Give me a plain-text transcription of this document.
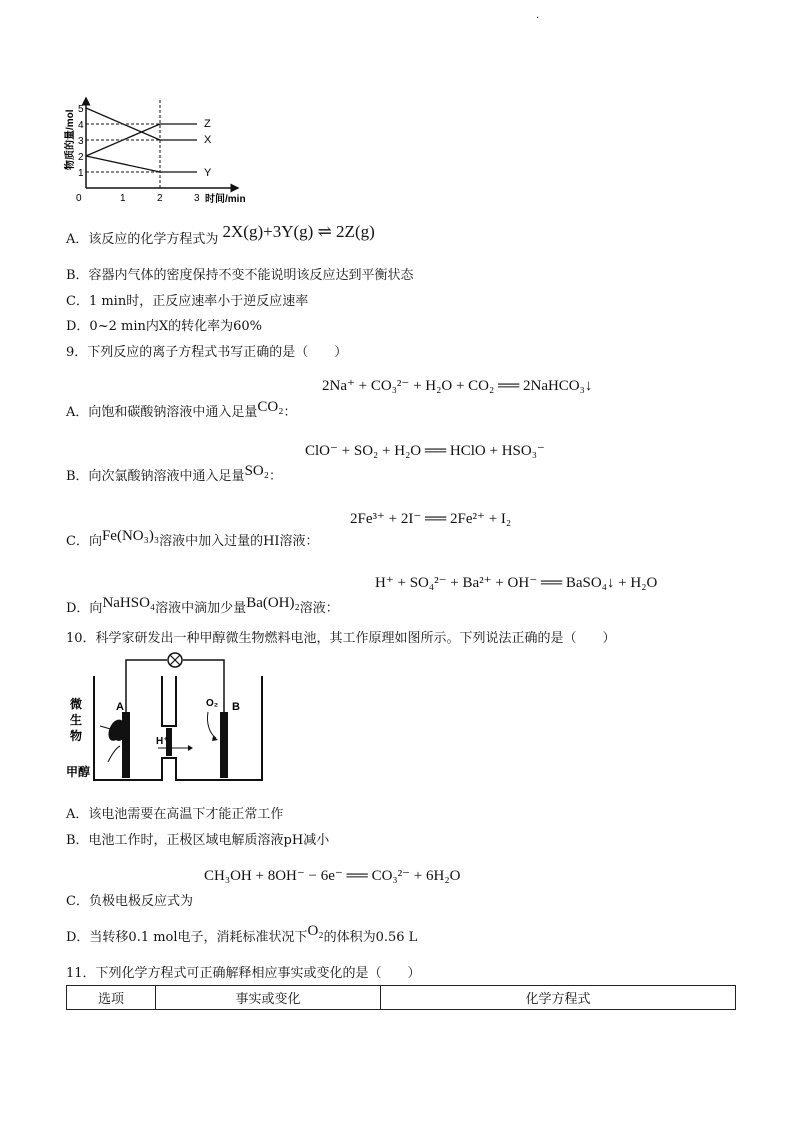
.
物质的量/mol
时间/min
1
2
3
4
5
0	1	2	3
Z
X
Y
A．该反应的化学方程式为 2X(g)+3Y(g) ⇌ 2Z(g)
B．容器内气体的密度保持不变不能说明该反应达到平衡状态
C．1 min时，正反应速率小于逆反应速率
D．0~2 min内X的转化率为60%
9．下列反应的离子方程式书写正确的是（　　）
2Na⁺ + CO₃²⁻ + H₂O + CO₂ ══ 2NaHCO₃↓
A．向饱和碳酸钠溶液中通入足量CO₂：
ClO⁻ + SO₂ + H₂O ══ HClO + HSO₃⁻
B．向次氯酸钠溶液中通入足量SO₂：
2Fe³⁺ + 2I⁻ ══ 2Fe²⁺ + I₂
C．向Fe(NO₃)₃溶液中加入过量的HI溶液：
H⁺ + SO₄²⁻ + Ba²⁺ + OH⁻ ══ BaSO₄↓ + H₂O
D．向NaHSO₄溶液中滴加少量Ba(OH)₂溶液：
10．科学家研发出一种甲醇微生物燃料电池，其工作原理如图所示。下列说法正确的是（　　）
A	B
O₂
H⁺
微
生
物
甲醇
A．该电池需要在高温下才能正常工作
B．电池工作时，正极区域电解质溶液pH减小
CH₃OH + 8OH⁻ − 6e⁻ ══ CO₃²⁻ + 6H₂O
C．负极电极反应式为
D．当转移0.1 mol电子，消耗标准状况下O₂的体积为0.56 L
11．下列化学方程式可正确解释相应事实或变化的是（　　）
选项	事实或变化	化学方程式
